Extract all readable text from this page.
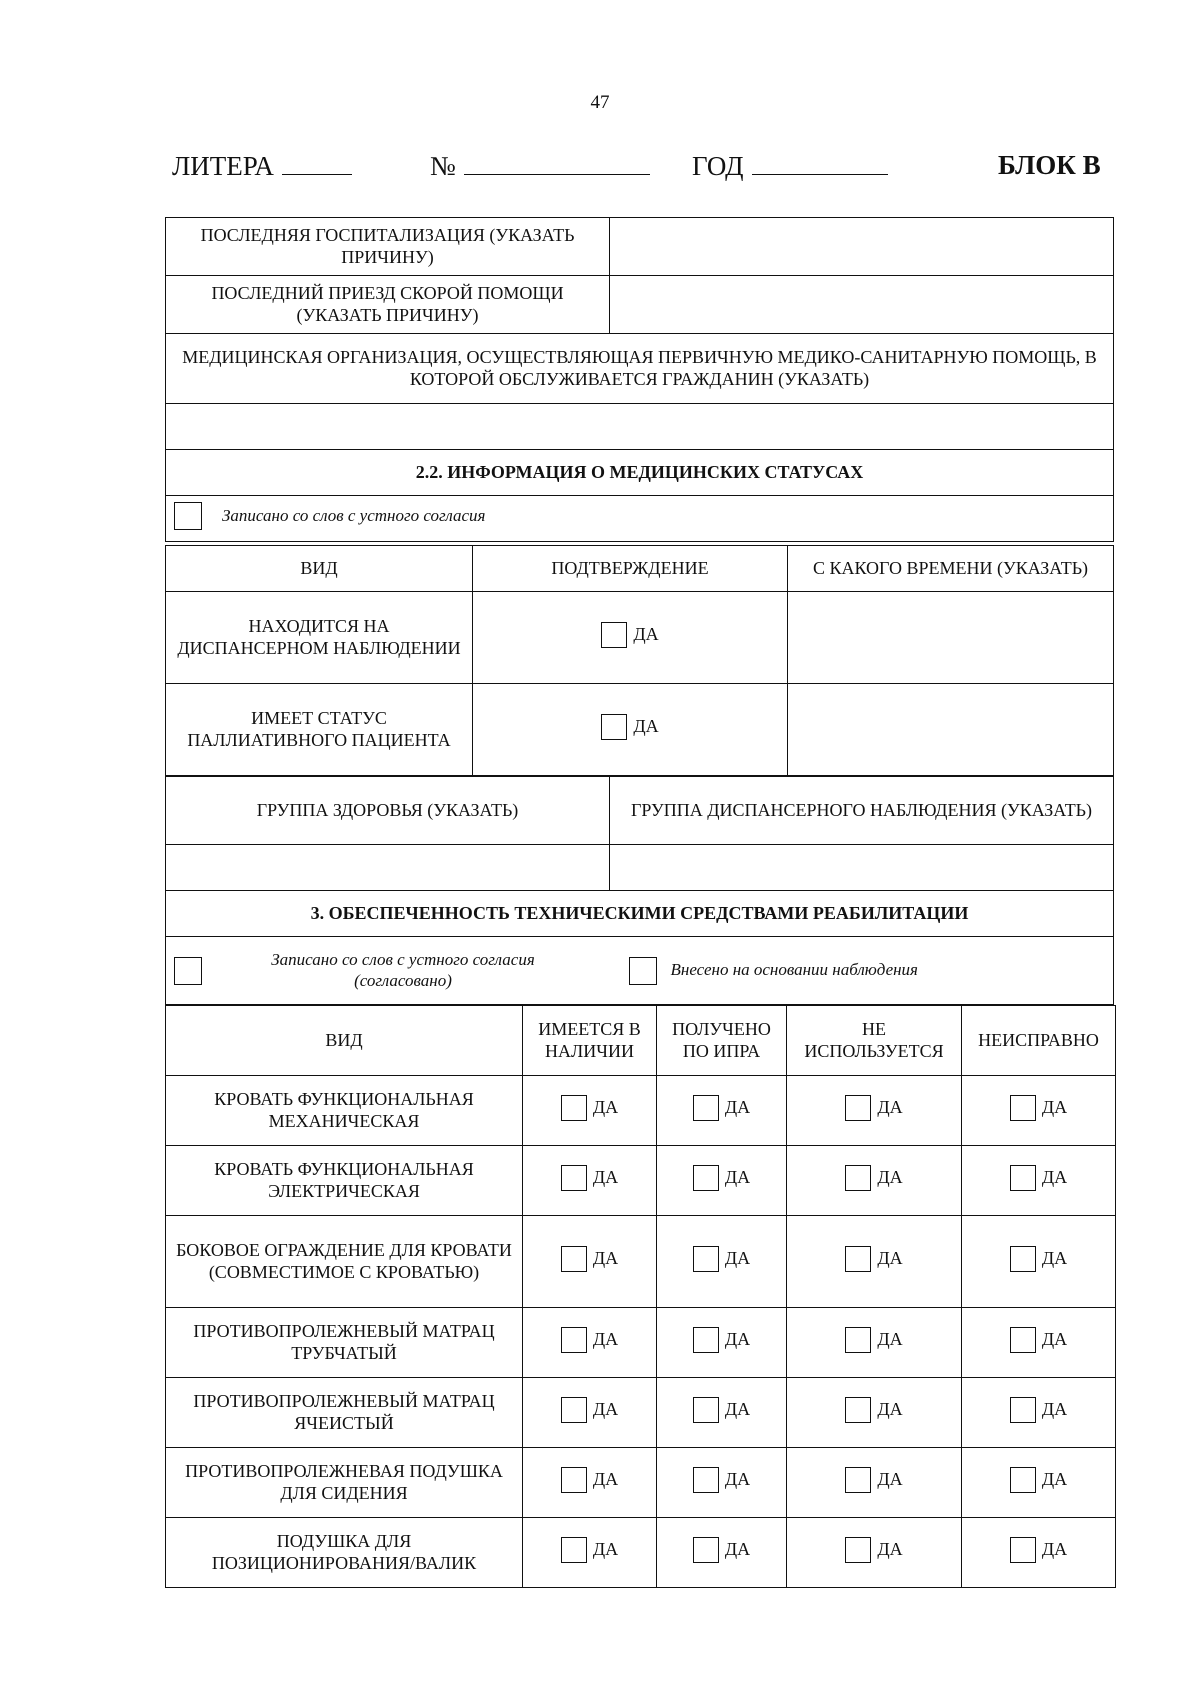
47
ЛИТЕРА	№	ГОД	БЛОК В
ПОСЛЕДНЯЯ ГОСПИТАЛИЗАЦИЯ (УКАЗАТЬ ПРИЧИНУ)	
ПОСЛЕДНИЙ ПРИЕЗД СКОРОЙ ПОМОЩИ (УКАЗАТЬ ПРИЧИНУ)	
МЕДИЦИНСКАЯ ОРГАНИЗАЦИЯ, ОСУЩЕСТВЛЯЮЩАЯ ПЕРВИЧНУЮ МЕДИКО-САНИТАРНУЮ ПОМОЩЬ, В КОТОРОЙ ОБСЛУЖИВАЕТСЯ ГРАЖДАНИН (УКАЗАТЬ)	

2.2. ИНФОРМАЦИЯ О МЕДИЦИНСКИХ СТАТУСАХ	

Записано со слов с устного согласия	
ВИД	ПОДТВЕРЖДЕНИЕ	С КАКОГО ВРЕМЕНИ (УКАЗАТЬ)
НАХОДИТСЯ НА ДИСПАНСЕРНОМ НАБЛЮДЕНИИ	ДА	

ИМЕЕТ СТАТУС ПАЛЛИАТИВНОГО ПАЦИЕНТА	ДА	

ГРУППА ЗДОРОВЬЯ (УКАЗАТЬ)	ГРУППА ДИСПАНСЕРНОГО НАБЛЮДЕНИЯ (УКАЗАТЬ)

3. ОБЕСПЕЧЕННОСТЬ ТЕХНИЧЕСКИМИ СРЕДСТВАМИ РЕАБИЛИТАЦИИ	

Записано со слов с устного согласия (согласовано)

Внесено на основании наблюдения	
ВИД	ИМЕЕТСЯ В НАЛИЧИИ	ПОЛУЧЕНО ПО ИПРА	НЕ ИСПОЛЬЗУЕТСЯ	НЕИСПРАВНО
КРОВАТЬ ФУНКЦИОНАЛЬНАЯ МЕХАНИЧЕСКАЯ	ДА	ДА	ДА	ДА

КРОВАТЬ ФУНКЦИОНАЛЬНАЯ ЭЛЕКТРИЧЕСКАЯ	ДА	ДА	ДА	ДА

БОКОВОЕ ОГРАЖДЕНИЕ ДЛЯ КРОВАТИ (СОВМЕСТИМОЕ С КРОВАТЬЮ)	ДА	ДА	ДА	ДА

ПРОТИВОПРОЛЕЖНЕВЫЙ МАТРАЦ ТРУБЧАТЫЙ	ДА	ДА	ДА	ДА

ПРОТИВОПРОЛЕЖНЕВЫЙ МАТРАЦ ЯЧЕИСТЫЙ	ДА	ДА	ДА	ДА

ПРОТИВОПРОЛЕЖНЕВАЯ ПОДУШКА ДЛЯ СИДЕНИЯ	ДА	ДА	ДА	ДА

ПОДУШКА ДЛЯ ПОЗИЦИОНИРОВАНИЯ/ВАЛИК	ДА	ДА	ДА	ДА
